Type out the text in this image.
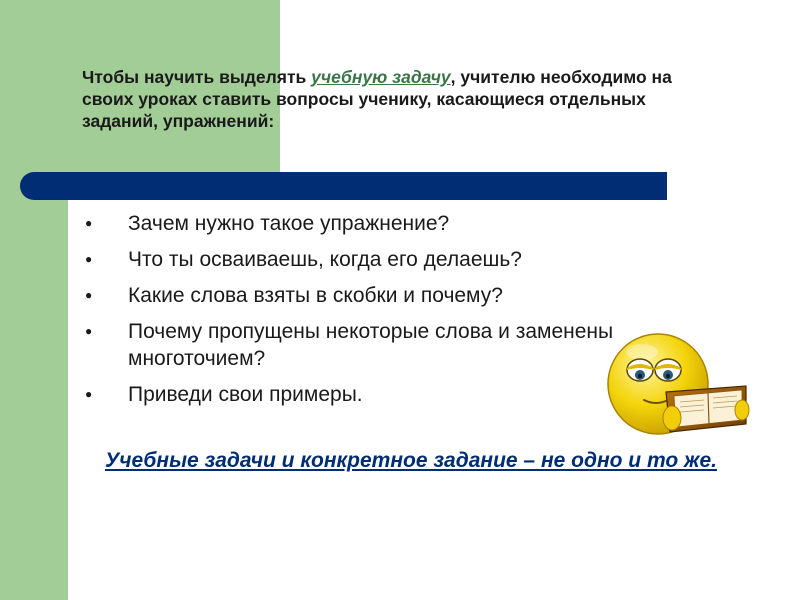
Чтобы научить выделять учебную задачу, учителю необходимо на своих уроках ставить вопросы ученику, касающиеся отдельных заданий, упражнений:

● Зачем нужно такое упражнение?
● Что ты осваиваешь, когда его делаешь?
● Какие слова взяты в скобки и почему?
● Почему пропущены некоторые слова и заменены многоточием?
● Приведи свои примеры.

Учебные задачи и конкретное задание – не одно и то же.
